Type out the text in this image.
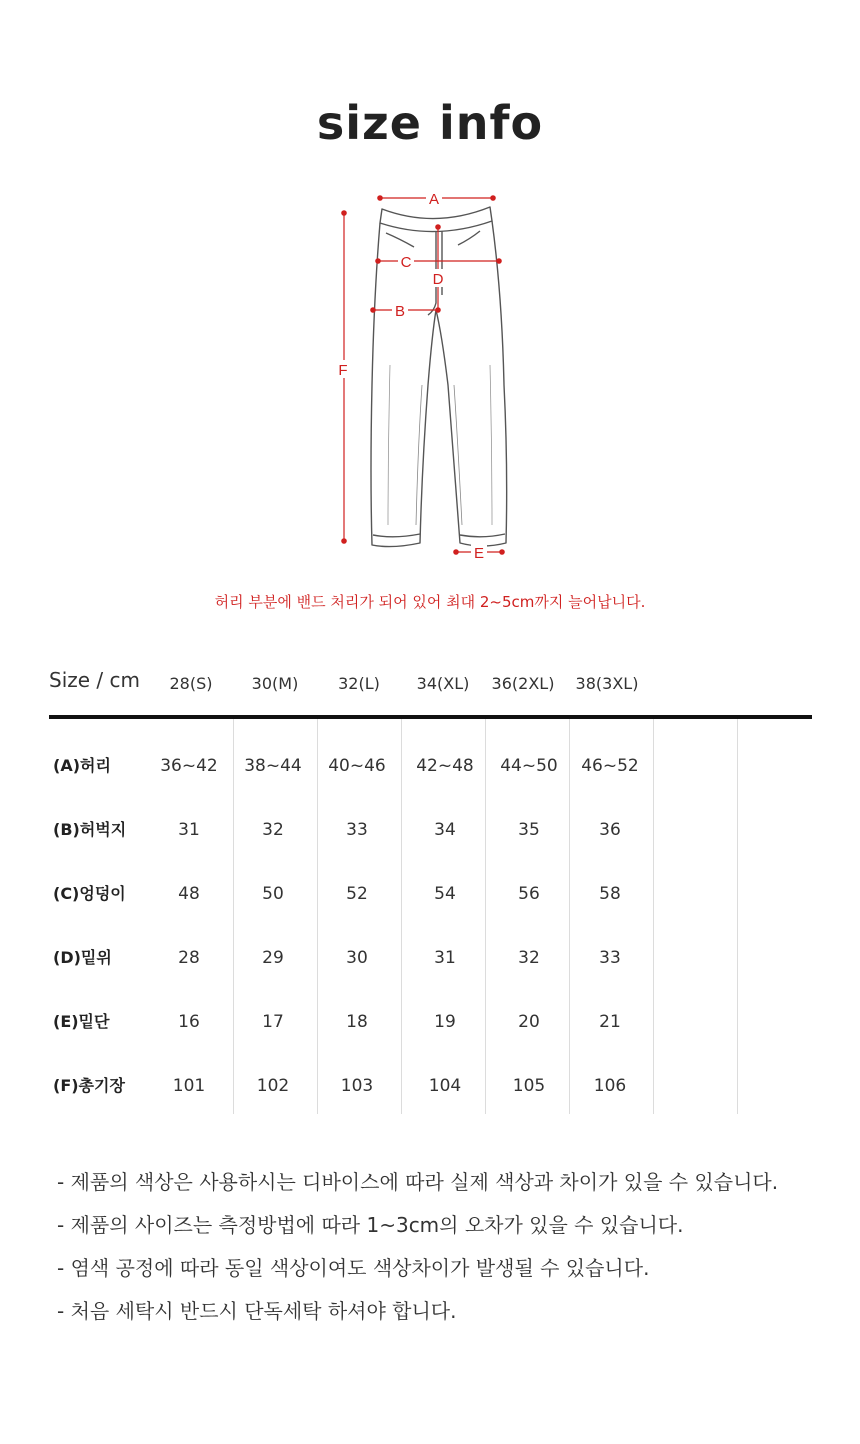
size info
A
C
B
D
F
E
허리 부분에 밴드 처리가 되어 있어 최대 2~5cm까지 늘어납니다.
Size / cm	28(S)	30(M)	32(L)	34(XL)	36(2XL)	38(3XL)
(A)허리	36~42	38~44	40~46	42~48	44~50	46~52
(B)허벅지	31	32	33	34	35	36
(C)엉덩이	48	50	52	54	56	58
(D)밑위	28	29	30	31	32	33
(E)밑단	16	17	18	19	20	21
(F)총기장	101	102	103	104	105	106
- 제품의 색상은 사용하시는 디바이스에 따라 실제 색상과 차이가 있을 수 있습니다.
- 제품의 사이즈는 측정방법에 따라 1~3cm의 오차가 있을 수 있습니다.
- 염색 공정에 따라 동일 색상이여도 색상차이가 발생될 수 있습니다.
- 처음 세탁시 반드시 단독세탁 하셔야 합니다.
